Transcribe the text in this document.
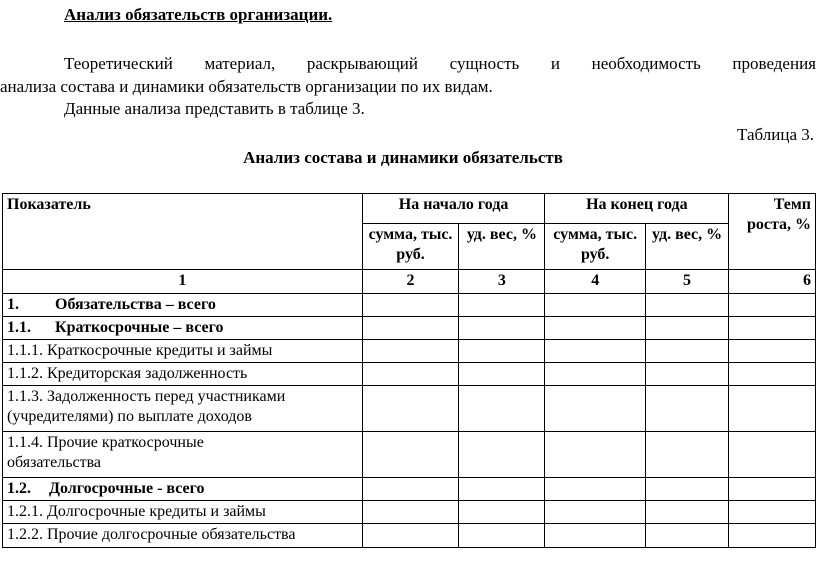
Анализ обязательств организации.
Теоретический материал, раскрывающий сущность и необходимость проведения
анализа состава и динамики обязательств организации по их видам.
Данные анализа представить в таблице 3.
Таблица 3.
Анализ состава и динамики обязательств
Показатель	На начало года		На конец года		Темп роста, %
	сумма, тыс. руб.	уд. вес, %	сумма, тыс. руб.	уд. вес, %	
1	2	3	4	5	6
1. Обязательства – всего					
1.1. Краткосрочные – всего					
1.1.1. Краткосрочные кредиты и займы					
1.1.2. Кредиторская задолженность					
1.1.3. Задолженность перед участниками (учредителями) по выплате доходов					

1.1.4. Прочие краткосрочные обязательства					

1.2. Долгосрочные - всего					
1.2.1. Долгосрочные кредиты и займы					
1.2.2. Прочие долгосрочные обязательства					
